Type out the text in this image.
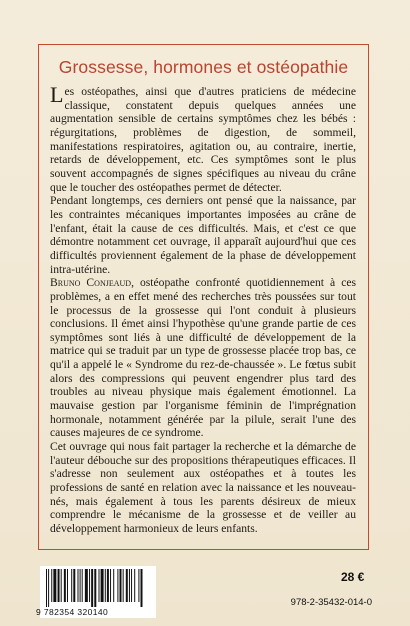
Grossesse, hormones et ostéopathie

Les ostéopathes, ainsi que d'autres praticiens de médecine classique, constatent depuis quelques années une augmentation sensible de certains symptômes chez les bébés : régurgitations, problèmes de digestion, de sommeil, manifestations respiratoires, agitation ou, au contraire, inertie, retards de développement, etc. Ces symptômes sont le plus souvent accompagnés de signes spécifiques au niveau du crâne que le toucher des ostéopathes permet de détecter.

Pendant longtemps, ces derniers ont pensé que la naissance, par les contraintes mécaniques importantes imposées au crâne de l'enfant, était la cause de ces difficultés. Mais, et c'est ce que démontre notamment cet ouvrage, il apparaît aujourd'hui que ces difficultés proviennent également de la phase de développement intra-utérine.

Bruno Conjeaud, ostéopathe confronté quotidiennement à ces problèmes, a en effet mené des recherches très poussées sur tout le processus de la grossesse qui l'ont conduit à plusieurs conclusions. Il émet ainsi l'hypothèse qu'une grande partie de ces symptômes sont liés à une difficulté de développement de la matrice qui se traduit par un type de grossesse placée trop bas, ce qu'il a appelé le « Syndrome du rez-de-chaussée ». Le fœtus subit alors des compressions qui peuvent engendrer plus tard des troubles au niveau physique mais également émotionnel. La mauvaise gestion par l'organisme féminin de l'imprégnation hormonale, notamment générée par la pilule, serait l'une des causes majeures de ce syndrome.

Cet ouvrage qui nous fait partager la recherche et la démarche de l'auteur débouche sur des propositions thérapeutiques efficaces. Il s'adresse non seulement aux ostéopathes et à toutes les professions de santé en relation avec la naissance et les nouveau-nés, mais également à tous les parents désireux de mieux comprendre le mécanisme de la grossesse et de veiller au développement harmonieux de leurs enfants.

9 782354 320140
28 €
978-2-35432-014-0
